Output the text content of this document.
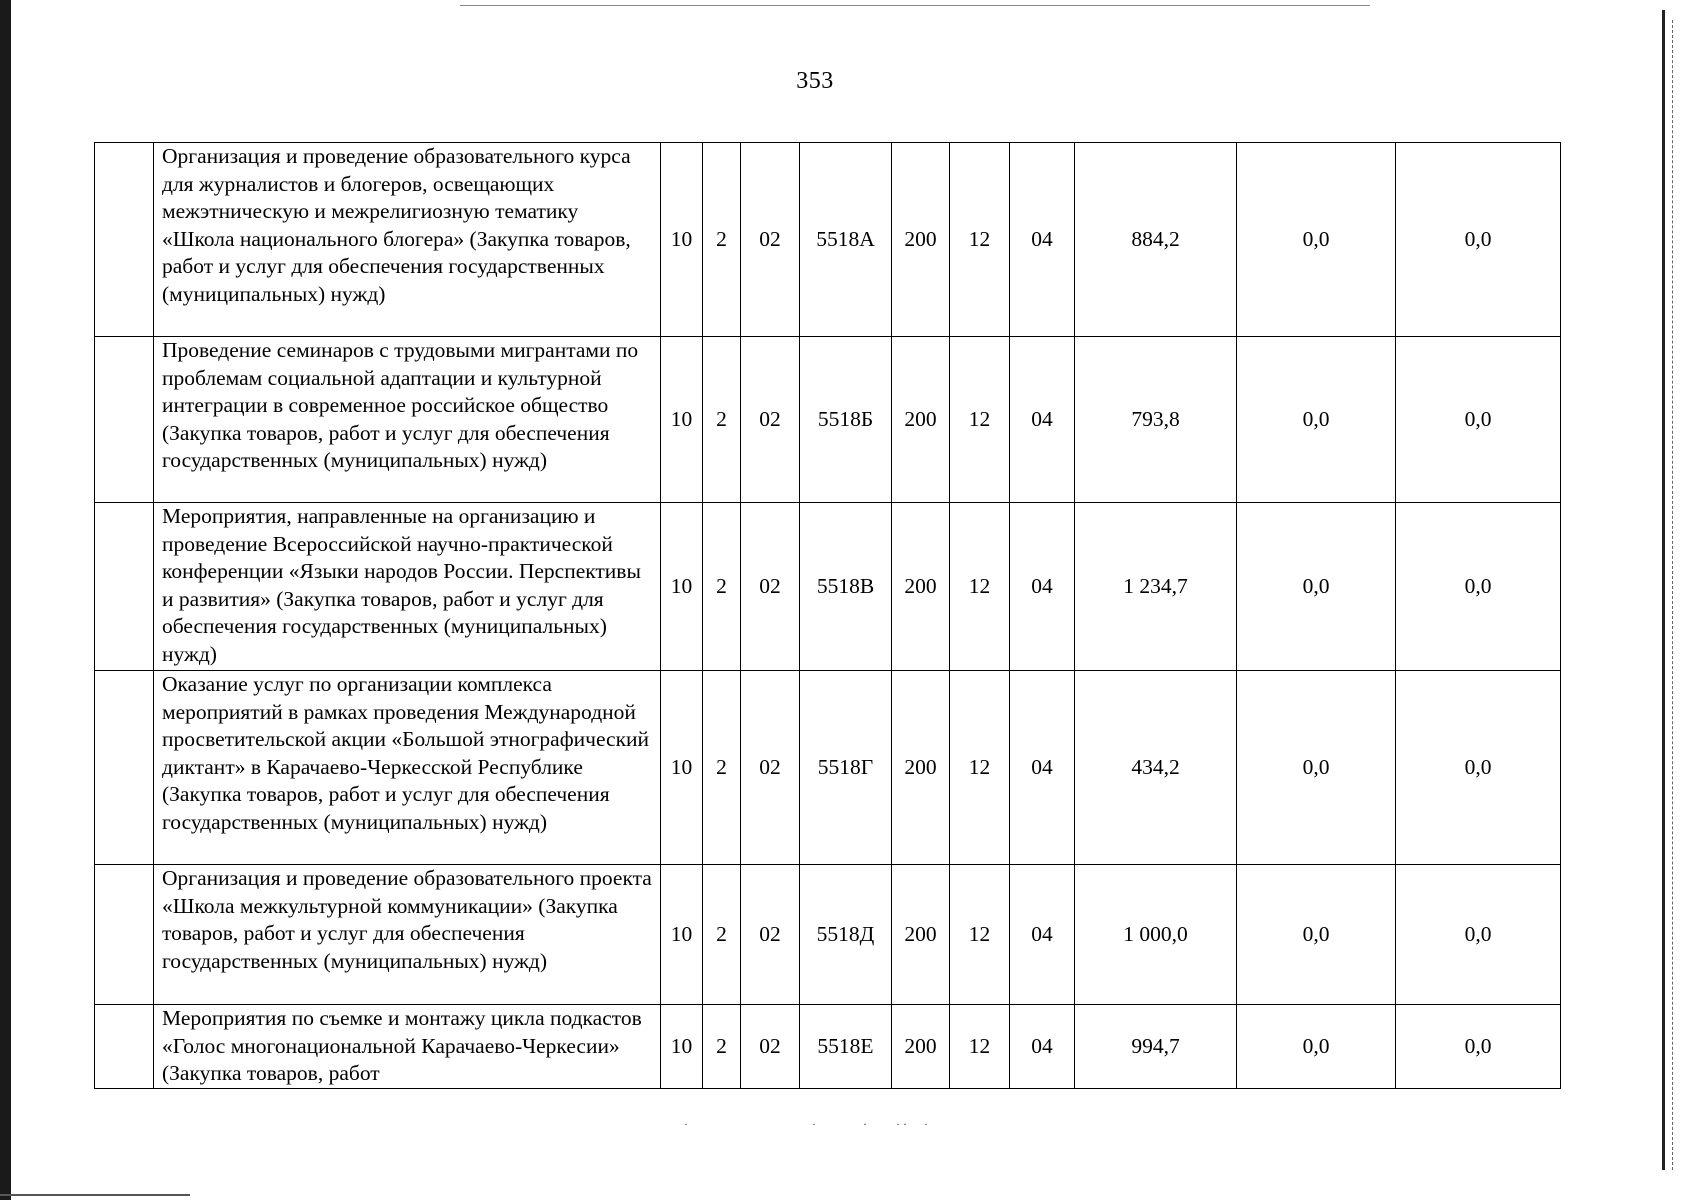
353
	Организация и проведение образовательного курса для журналистов и блогеров, освещающих межэтническую и межрелигиозную тематику «Школа национального блогера» (Закупка товаров, работ и услуг для обеспечения государственных (муниципальных) нужд)	10	2	02	5518А	200	12	04	884,2	0,0	0,0
	Проведение семинаров с трудовыми мигрантами по проблемам социальной адаптации и культурной интеграции в современное российское общество (Закупка товаров, работ и услуг для обеспечения государственных (муниципальных) нужд)	10	2	02	5518Б	200	12	04	793,8	0,0	0,0
	Мероприятия, направленные на организацию и проведение Всероссийской научно-практической конференции «Языки народов России. Перспективы и развития» (Закупка товаров, работ и услуг для обеспечения государственных (муниципальных) нужд)	10	2	02	5518В	200	12	04	1 234,7	0,0	0,0
	Оказание услуг по организации комплекса мероприятий в рамках проведения Международной просветительской акции «Большой этнографический диктант» в Карачаево-Черкесской Республике (Закупка товаров, работ и услуг для обеспечения государственных (муниципальных) нужд)	10	2	02	5518Г	200	12	04	434,2	0,0	0,0
	Организация и проведение образовательного проекта «Школа межкультурной коммуникации» (Закупка товаров, работ и услуг для обеспечения государственных (муниципальных) нужд)	10	2	02	5518Д	200	12	04	1 000,0	0,0	0,0
	Мероприятия по съемке и монтажу цикла подкастов «Голос многонациональной Карачаево-Черкесии» (Закупка товаров, работ	10	2	02	5518Е	200	12	04	994,7	0,0	0,0
·	·	· · · ·
